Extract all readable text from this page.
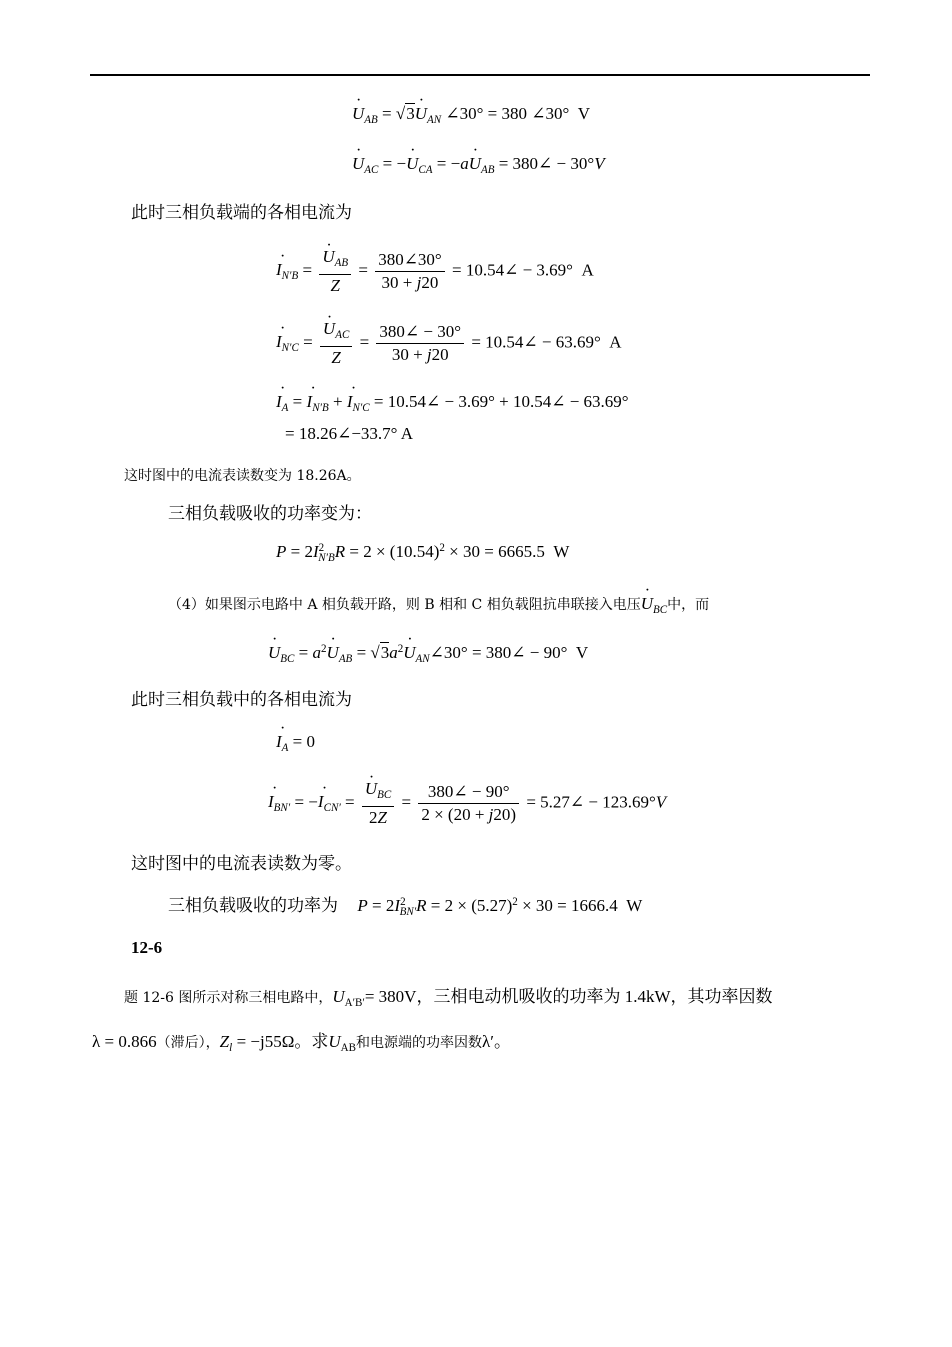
· $U_{AB} = √3\cdot U_{AN}$ ∠30° = 380 ∠30°  V
· $U_{AC}$ = −· $U_{CA} = -a\cdot U_{AB}$ = 380∠ − 30°V
此时三相负载端的各相电流为
· $I_{N'B}$ = · $\frac{U_{AB}}{Z} = \frac{380\angle 30^\circ}{30 + j20}$ = 10.54∠ − 3.69°  A
· $I_{N'C}$ = · $\frac{U_{AC}}{Z} = \frac{380\angle - 30^\circ}{30 + j20}$ = 10.54∠ − 63.69°  A
· $I_A$ = · $I_{N'B}$ + · $I_{N'C}$ = 10.54∠ − 3.69° + 10.54∠ − 63.69°
= 18.26∠−33.7° A
这时图中的电流表读数变为 18.26A。
三相负载吸收的功率变为：
$P = 2I^2_{N'B}R = 2 \times (10.54)^2 \times 30 = 6665.5$  W
（4）如果图示电路中 A 相负载开路，则 B 相和 C 相负载阻抗串联接入电压· $U_{BC}$中，而
· $U_{BC} = a^2\cdot U_{AB} = √3a^2\cdot$ $U_{AN}\angle 30^\circ$ = 380∠ − 90°  V
此时三相负载中的各相电流为
· $I_A = 0$
· $I_{BN'}$ = −· $I_{CN'}$ = · $\frac{U_{BC}}{2Z} = \frac{380\angle - 90^\circ}{2 \times (20 + j20)}$ = 5.27∠ − 123.69°V
这时图中的电流表读数为零。
三相负载吸收的功率为 $P = 2I^2_{BN'}R = 2 \times (5.27)^2 \times 30 = 1666.4$  W
12-6
题 12-6 图所示对称三相电路中，$U_{A'B'}= 380V$，三相电动机吸收的功率为 1.4kW，其功率因数
λ = 0.866（滞后），$Z_l = -j55\Omega$。求$U_{AB}$和电源端的功率因数λ′。
